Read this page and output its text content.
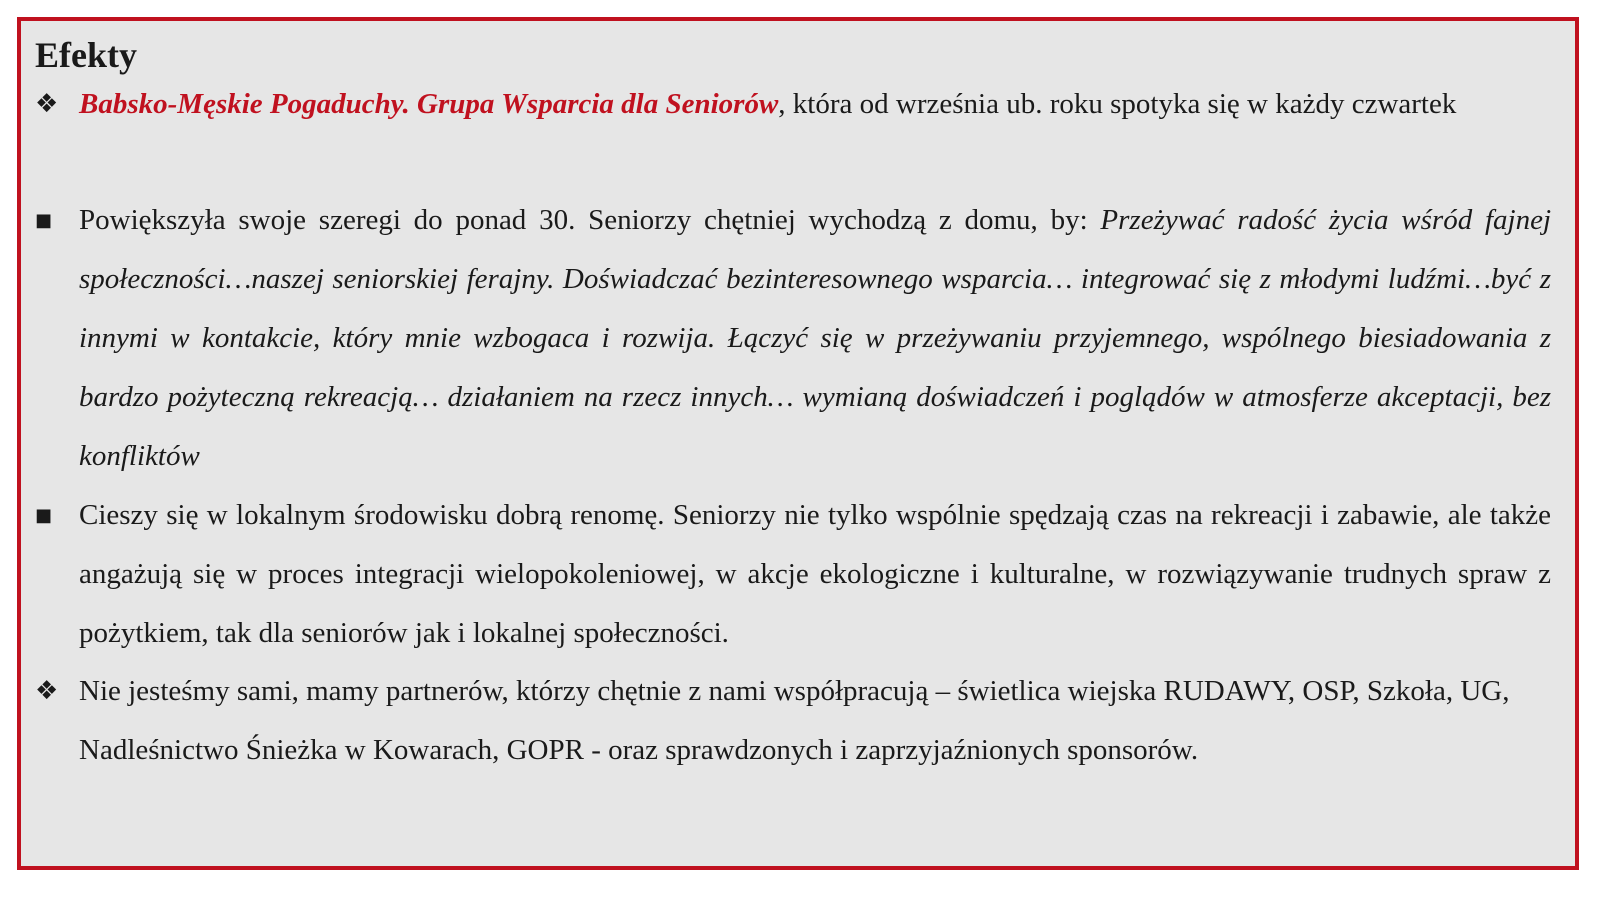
Efekty
❖ Babsko-Męskie Pogaduchy. Grupa Wsparcia dla Seniorów, która od września ub. roku spotyka się w każdy czwartek
■ Powiększyła swoje szeregi do ponad 30. Seniorzy chętniej wychodzą z domu, by: Przeżywać radość życia wśród fajnej społeczności…naszej seniorskiej ferajny. Doświadczać bezinteresownego wsparcia… integrować się z młodymi ludźmi…być z innymi w kontakcie, który mnie wzbogaca i rozwija. Łączyć się w przeżywaniu przyjemnego, wspólnego biesiadowania z bardzo pożyteczną rekreacją… działaniem na rzecz innych… wymianą doświadczeń i poglądów w atmosferze akceptacji, bez konfliktów
■ Cieszy się w lokalnym środowisku dobrą renomę. Seniorzy nie tylko wspólnie spędzają czas na rekreacji i zabawie, ale także angażują się w proces integracji wielopokoleniowej, w akcje ekologiczne i kulturalne, w rozwiązywanie trudnych spraw z pożytkiem, tak dla seniorów jak i lokalnej społeczności.
❖ Nie jesteśmy sami, mamy partnerów, którzy chętnie z nami współpracują – świetlica wiejska RUDAWY, OSP, Szkoła, UG, Nadleśnictwo Śnieżka w Kowarach, GOPR - oraz sprawdzonych i zaprzyjaźnionych sponsorów.
